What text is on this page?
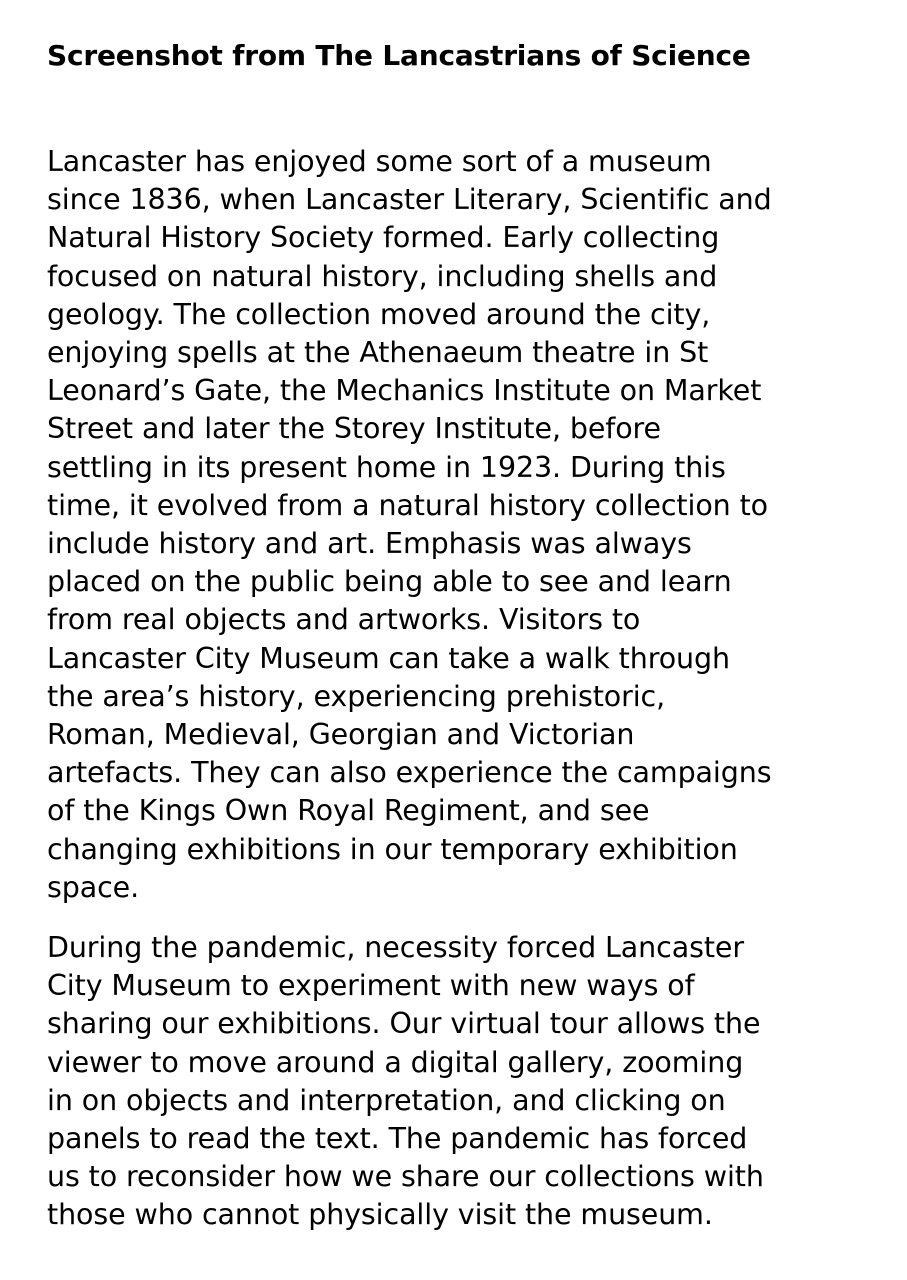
Screenshot from The Lancastrians of Science

Lancaster has enjoyed some sort of a museum
since 1836, when Lancaster Literary, Scientific and
Natural History Society formed. Early collecting
focused on natural history, including shells and
geology. The collection moved around the city,
enjoying spells at the Athenaeum theatre in St
Leonard’s Gate, the Mechanics Institute on Market
Street and later the Storey Institute, before
settling in its present home in 1923. During this
time, it evolved from a natural history collection to
include history and art. Emphasis was always
placed on the public being able to see and learn
from real objects and artworks. Visitors to
Lancaster City Museum can take a walk through
the area’s history, experiencing prehistoric,
Roman, Medieval, Georgian and Victorian
artefacts. They can also experience the campaigns
of the Kings Own Royal Regiment, and see
changing exhibitions in our temporary exhibition
space.

During the pandemic, necessity forced Lancaster
City Museum to experiment with new ways of
sharing our exhibitions. Our virtual tour allows the
viewer to move around a digital gallery, zooming
in on objects and interpretation, and clicking on
panels to read the text. The pandemic has forced
us to reconsider how we share our collections with
those who cannot physically visit the museum.
